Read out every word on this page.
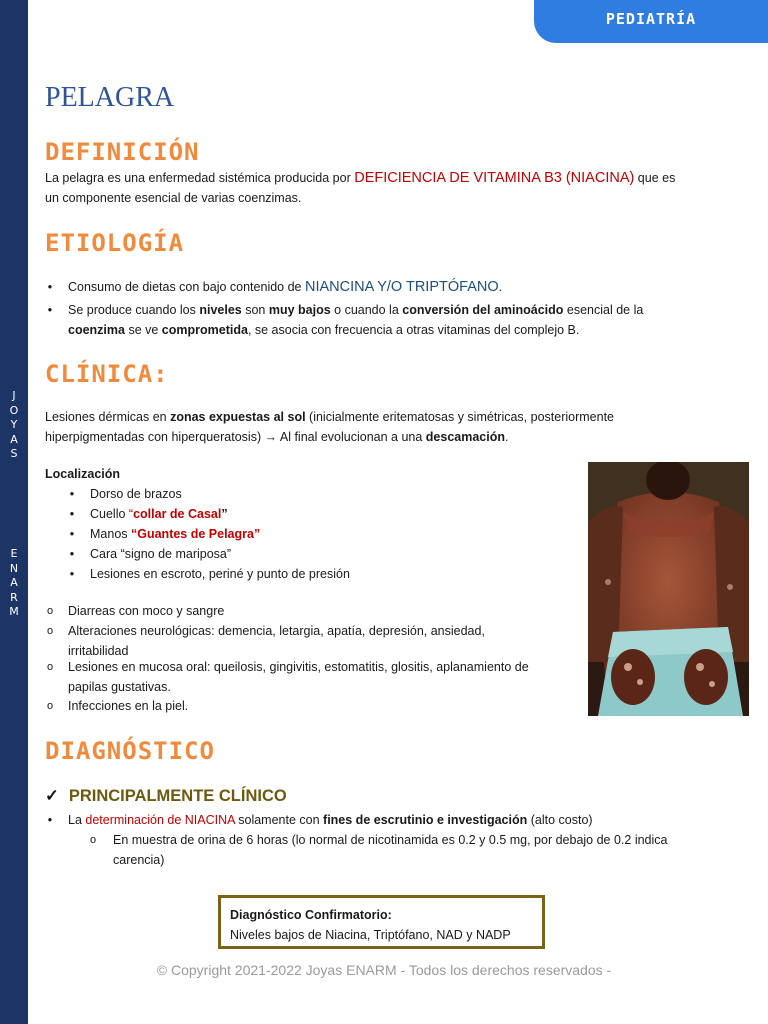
J
O
Y
A
S
E
N
A
R
M
PEDIATRÍA
PELAGRA
DEFINICIÓN
La pelagra es una enfermedad sistémica producida por DEFICIENCIA DE VITAMINA B3 (NIACINA) que es
un componente esencial de varias coenzimas.
ETIOLOGÍA
• Consumo de dietas con bajo contenido de NIANCINA Y/O TRIPTÓFANO.
• Se produce cuando los niveles son muy bajos o cuando la conversión del aminoácido esencial de la
coenzima se ve comprometida, se asocia con frecuencia a otras vitaminas del complejo B.
CLÍNICA:
Lesiones dérmicas en zonas expuestas al sol (inicialmente eritematosas y simétricas, posteriormente
hiperpigmentadas con hiperqueratosis) → Al final evolucionan a una descamación.
Localización
• Dorso de brazos
• Cuello “collar de Casal”
• Manos “Guantes de Pelagra”
• Cara “signo de mariposa”
• Lesiones en escroto, periné y punto de presión
o Diarreas con moco y sangre
o Alteraciones neurológicas: demencia, letargia, apatía, depresión, ansiedad,
irritabilidad
o Lesiones en mucosa oral: queilosis, gingivitis, estomatitis, glositis, aplanamiento de
papilas gustativas.
o Infecciones en la piel.
DIAGNÓSTICO
✓ PRINCIPALMENTE CLÍNICO
• La determinación de NIACINA solamente con fines de escrutinio e investigación (alto costo)
o En muestra de orina de 6 horas (lo normal de nicotinamida es 0.2 y 0.5 mg, por debajo de 0.2 indica
carencia)
Diagnóstico Confirmatorio:
Niveles bajos de Niacina, Triptófano, NAD y NADP
© Copyright 2021-2022 Joyas ENARM - Todos los derechos reservados -
